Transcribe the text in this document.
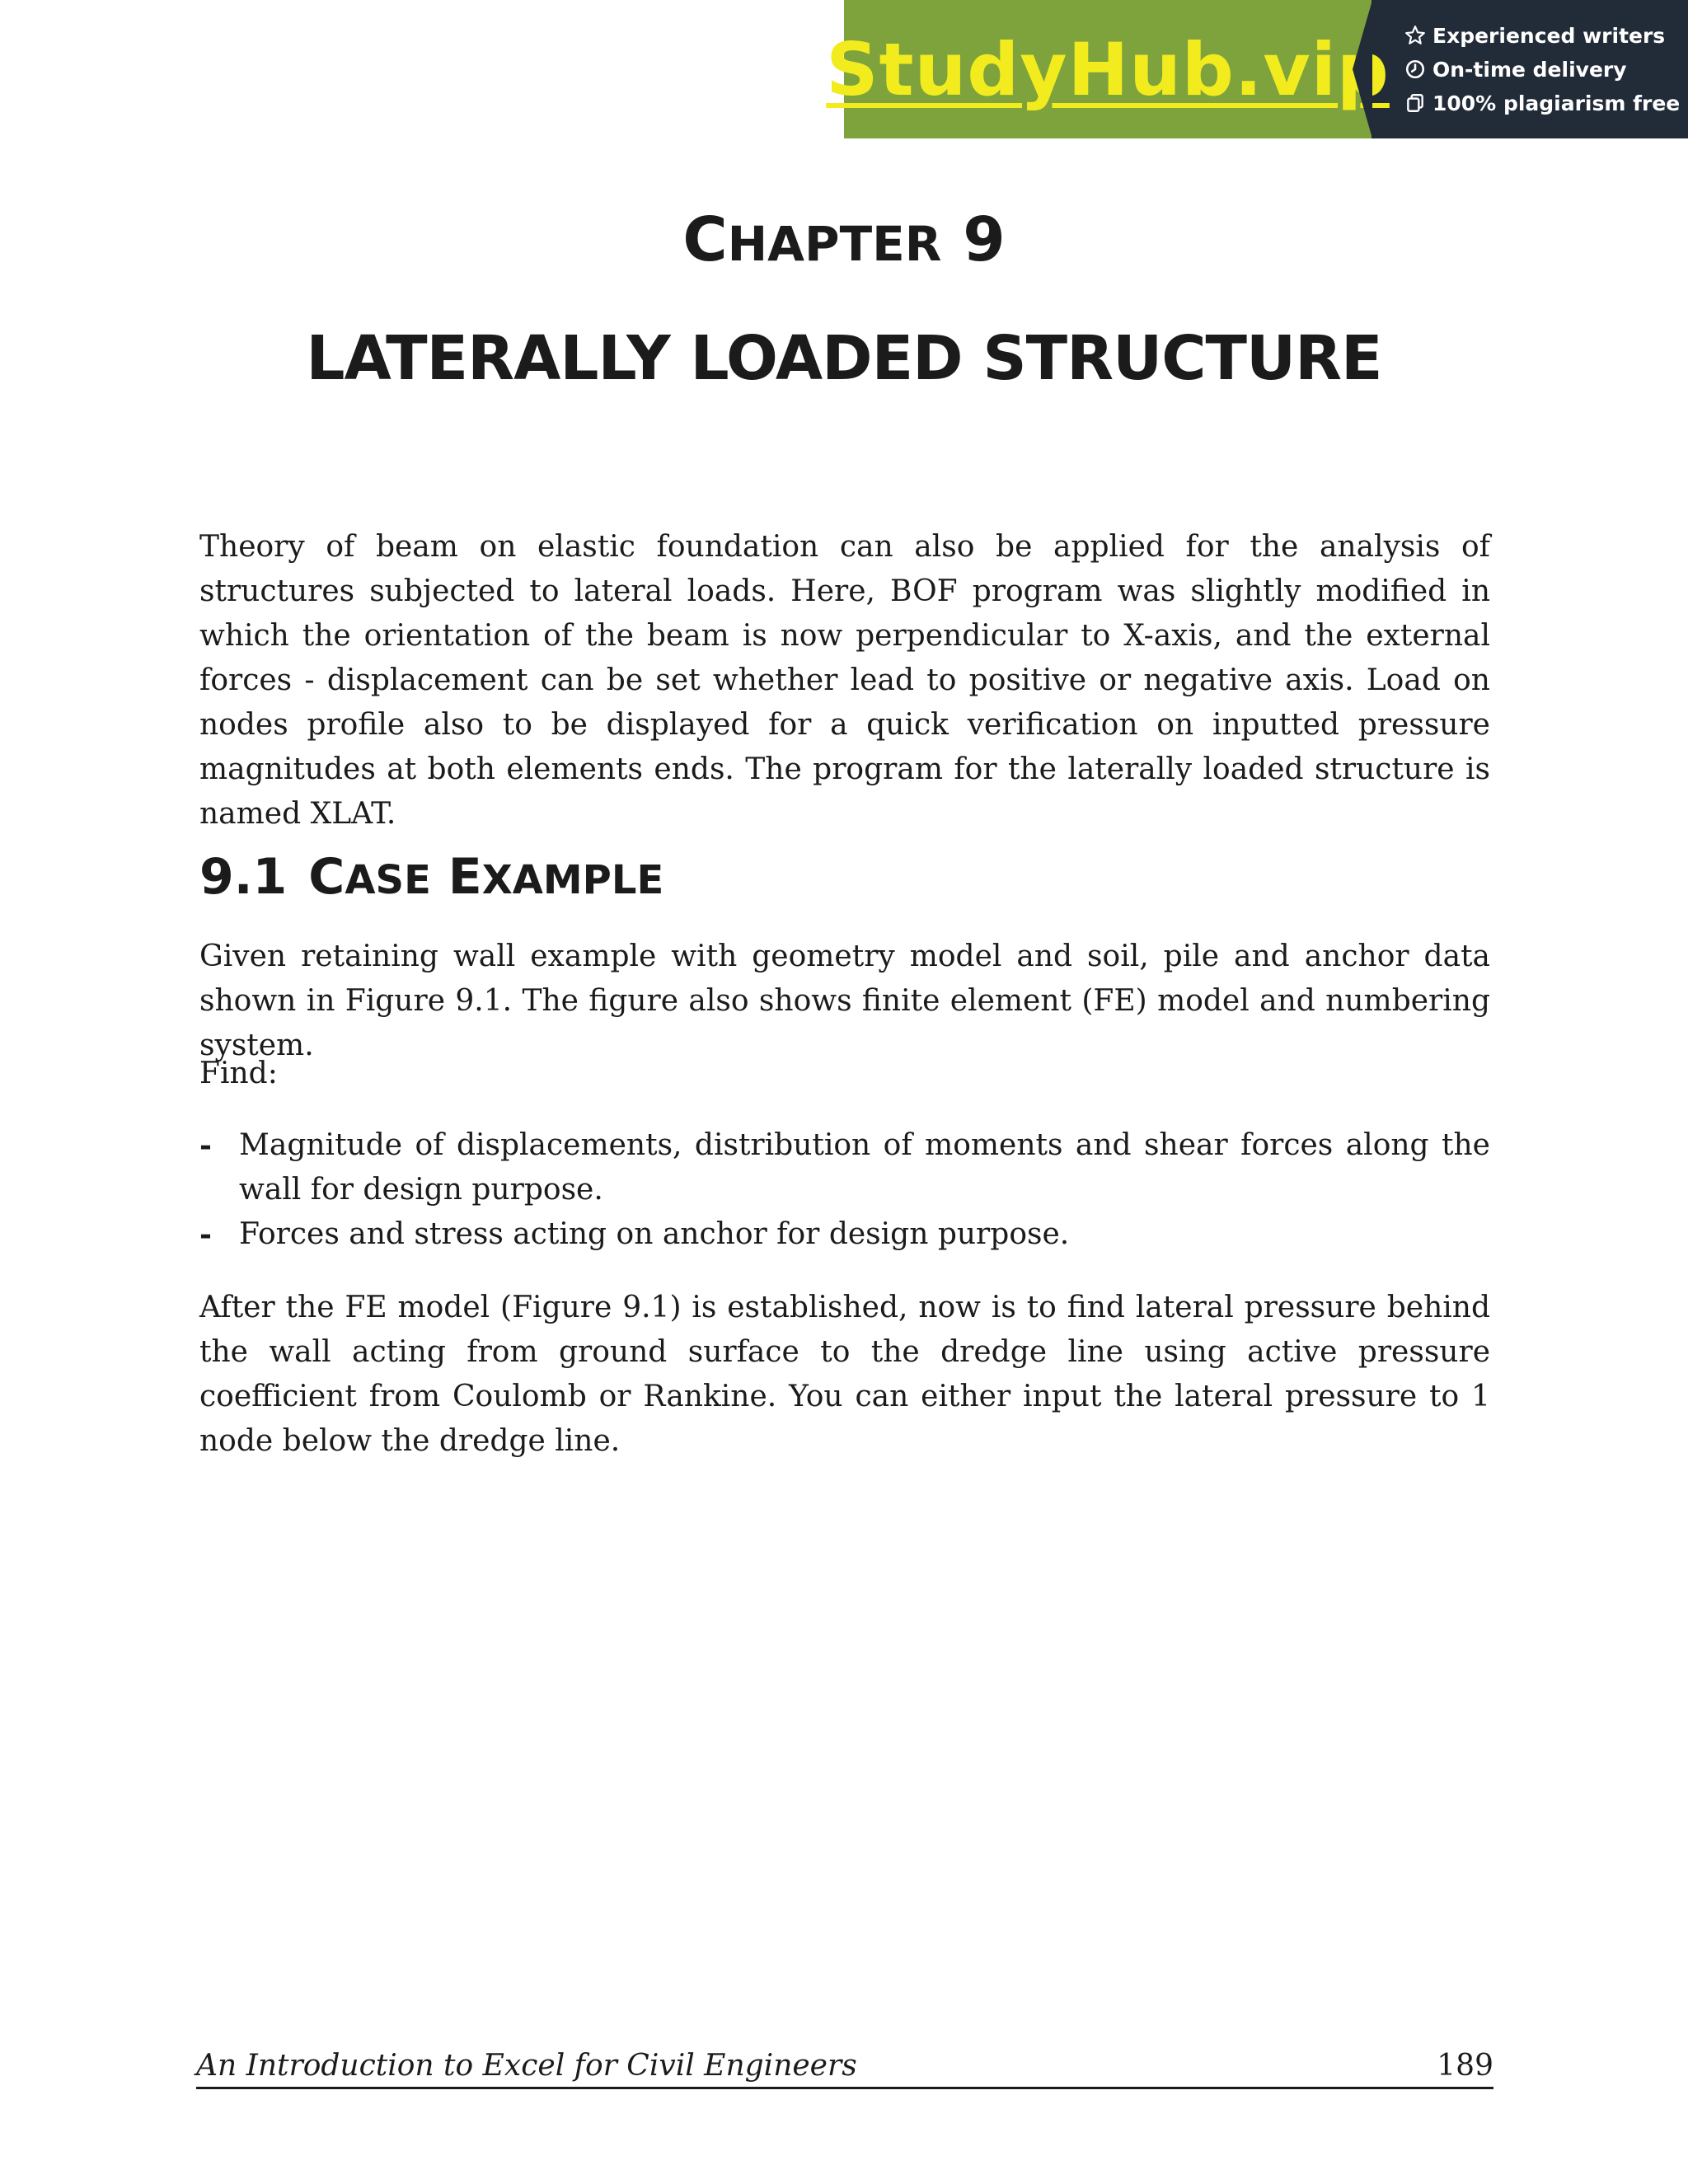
StudyHub.vip Experienced writers
On-time delivery
100% plagiarism free
CHAPTER 9
LATERALLY LOADED STRUCTURE

Theory of beam on elastic foundation can also be applied for the analysis of structures subjected to lateral loads. Here, BOF program was slightly modified in which the orientation of the beam is now perpendicular to X-axis, and the external forces - displacement can be set whether lead to positive or negative axis. Load on nodes profile also to be displayed for a quick verification on inputted pressure magnitudes at both elements ends. The program for the laterally loaded structure is named XLAT.

9.1 CASE EXAMPLE

Given retaining wall example with geometry model and soil, pile and anchor data shown in Figure 9.1. The figure also shows finite element (FE) model and numbering system.

Find:

- Magnitude of displacements, distribution of moments and shear forces along the wall for design purpose.
- Forces and stress acting on anchor for design purpose.

After the FE model (Figure 9.1) is established, now is to find lateral pressure behind the wall acting from ground surface to the dredge line using active pressure coefficient from Coulomb or Rankine. You can either input the lateral pressure to 1 node below the dredge line.

An Introduction to Excel for Civil Engineers	189
